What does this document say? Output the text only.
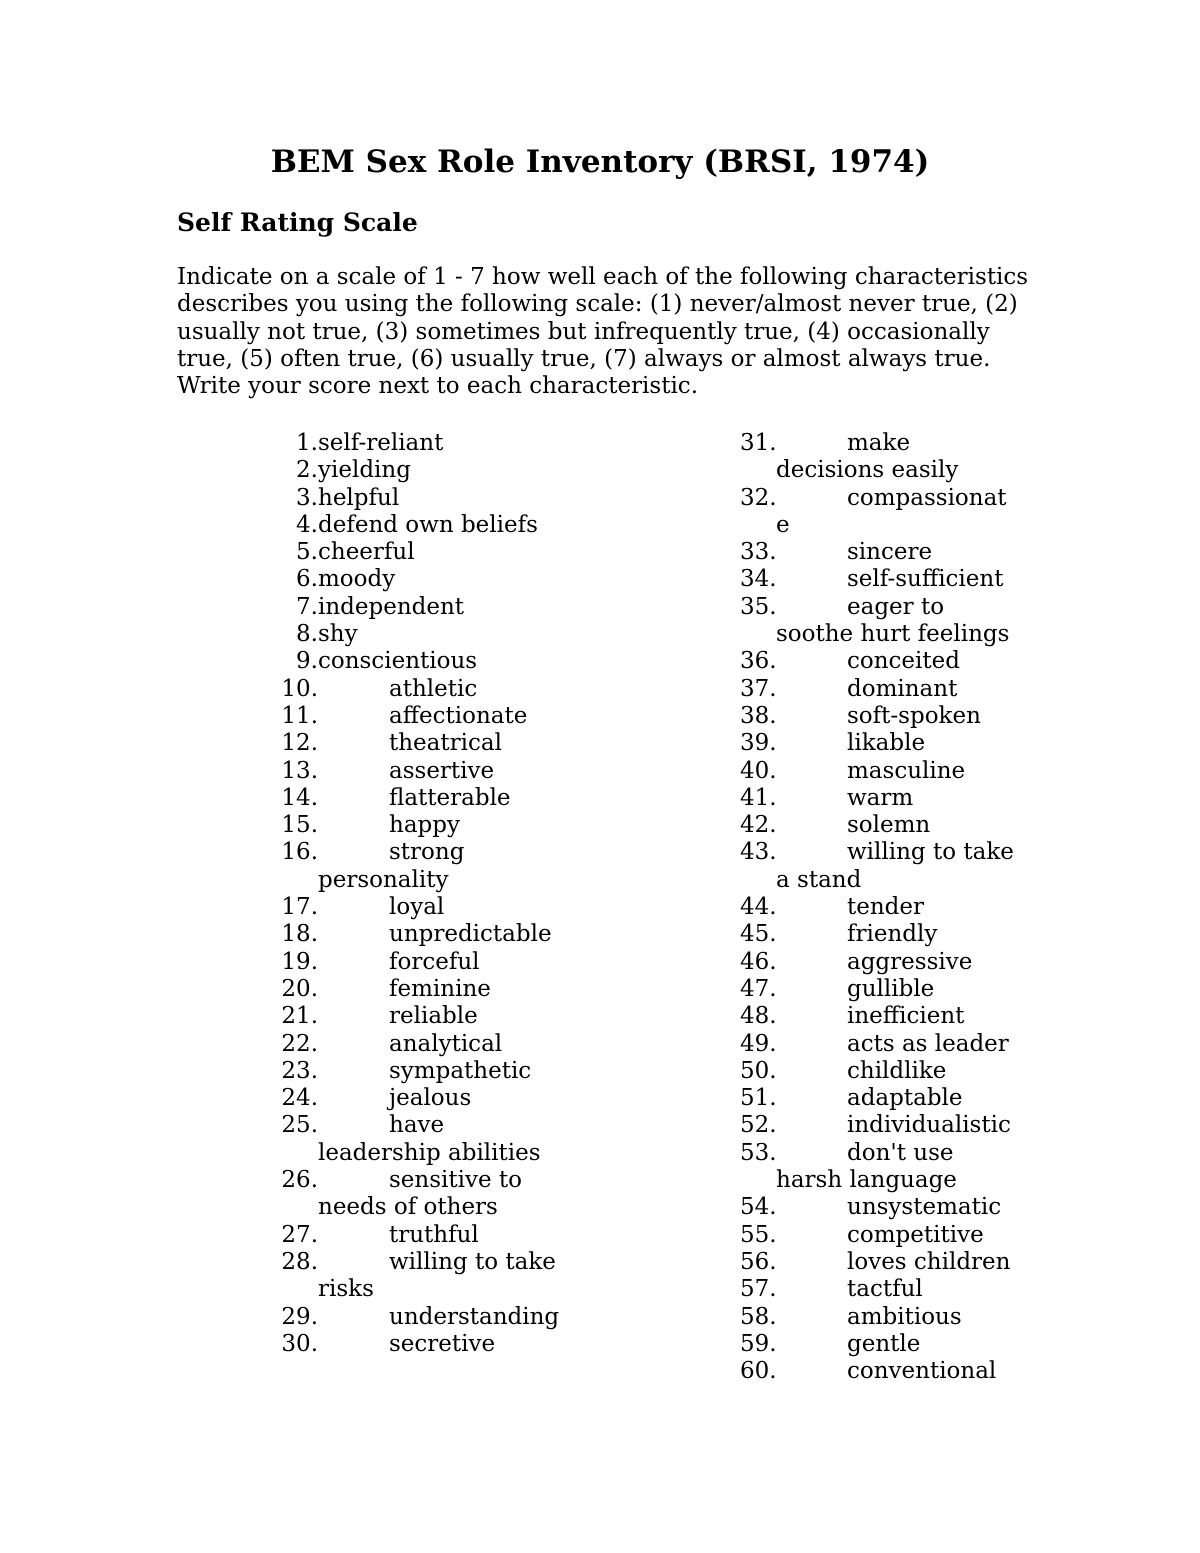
BEM Sex Role Inventory (BRSI, 1974)
Self Rating Scale

Indicate on a scale of 1 - 7 how well each of the following characteristics describes you using the following scale: (1) never/almost never true, (2) usually not true, (3) sometimes but infrequently true, (4) occasionally true, (5) often true, (6) usually true, (7) always or almost always true. Write your score next to each characteristic.

1.
self-reliant
2.
yielding
3.
helpful
4.
defend own beliefs
5.
cheerful
6.
moody
7.
independent
8.
shy
9.
conscientious
10.	athletic
11.	affectionate
12.	theatrical
13.	assertive
14.	flatterable
15.	happy
16.	strong
personality
17.	loyal
18.	unpredictable
19.	forceful
20.	feminine
21.	reliable
22.	analytical
23.	sympathetic
24.	jealous
25.	have
leadership abilities
26.	sensitive to
needs of others
27.	truthful
28.	willing to take
risks
29.	understanding
30.	secretive
31.	make
decisions easily
32.	compassionat
e
33.	sincere
34.	self-sufficient
35.	eager to
soothe hurt feelings
36.	conceited
37.	dominant
38.	soft-spoken
39.	likable
40.	masculine
41.	warm
42.	solemn
43.	willing to take
a stand
44.	tender
45.	friendly
46.	aggressive
47.	gullible
48.	inefficient
49.	acts as leader
50.	childlike
51.	adaptable
52.	individualistic
53.	don't use
harsh language
54.	unsystematic
55.	competitive
56.	loves children
57.	tactful
58.	ambitious
59.	gentle
60.	conventional
